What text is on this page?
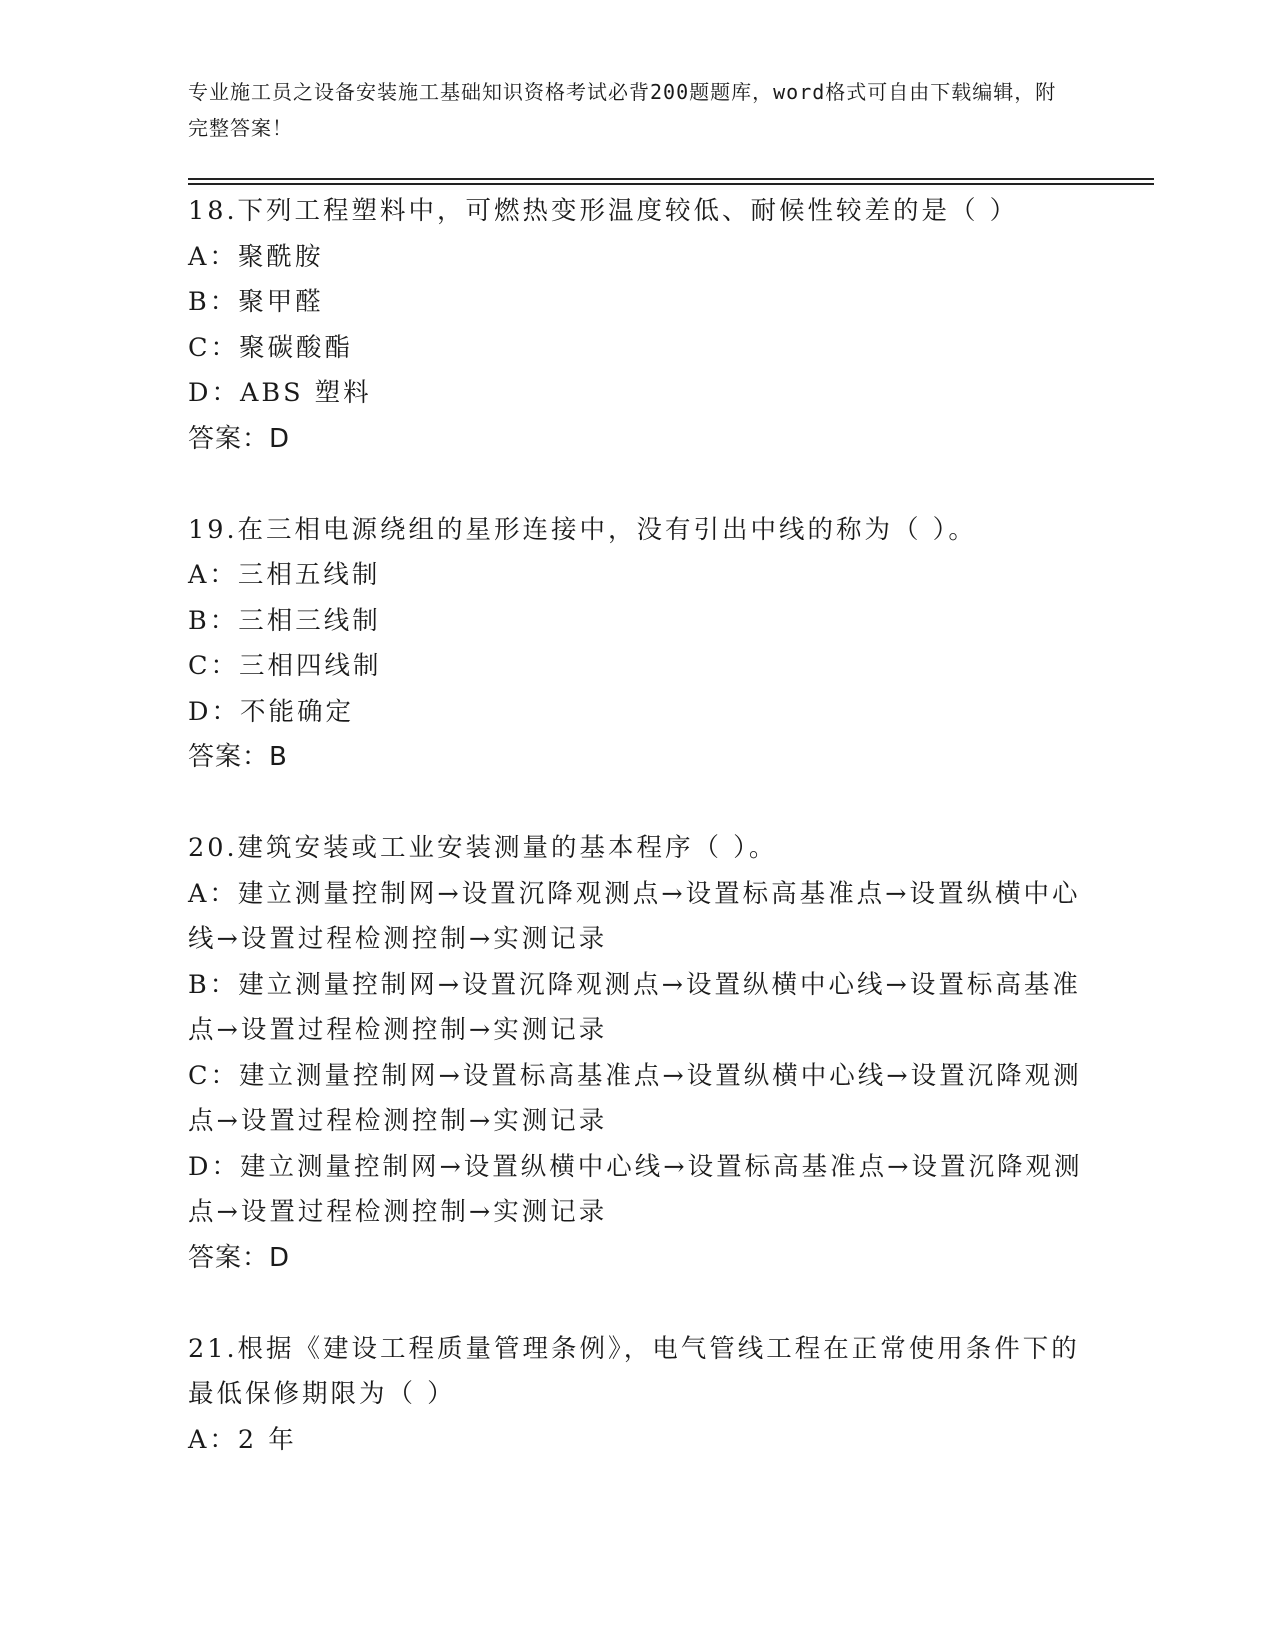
专业施工员之设备安装施工基础知识资格考试必背200题题库，word格式可自由下载编辑，附完整答案！
18.下列工程塑料中，可燃热变形温度较低、耐候性较差的是（ ）
A：聚酰胺
B：聚甲醛
C：聚碳酸酯
D：ABS 塑料
答案：D
19.在三相电源绕组的星形连接中，没有引出中线的称为（ ）。
A：三相五线制
B：三相三线制
C：三相四线制
D：不能确定
答案：B
20.建筑安装或工业安装测量的基本程序（ ）。
A：建立测量控制网→设置沉降观测点→设置标高基准点→设置纵横中心线→设置过程检测控制→实测记录
B：建立测量控制网→设置沉降观测点→设置纵横中心线→设置标高基准点→设置过程检测控制→实测记录
C：建立测量控制网→设置标高基准点→设置纵横中心线→设置沉降观测点→设置过程检测控制→实测记录
D：建立测量控制网→设置纵横中心线→设置标高基准点→设置沉降观测点→设置过程检测控制→实测记录
答案：D
21.根据《建设工程质量管理条例》，电气管线工程在正常使用条件下的最低保修期限为（ ）
A：2 年
